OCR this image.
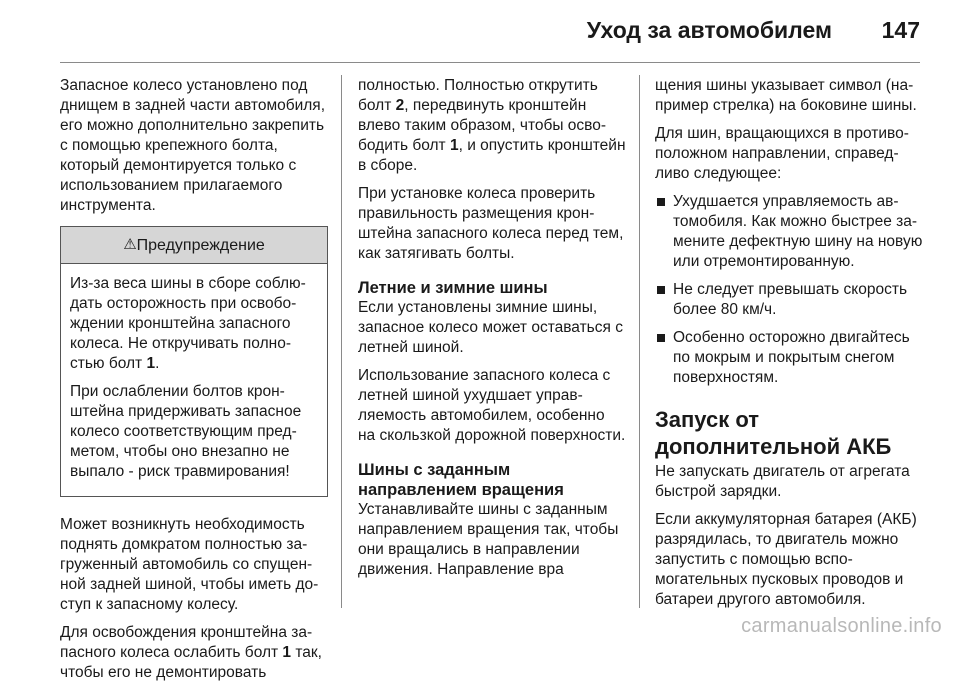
Уход за автомобилем 147

Запасное колесо установлено под днищем в задней части автомобиля, его можно дополнительно закрепить с помощью крепежного болта, который демонтируется только с использованием прилагаемого инструмента.

⚠Предупреждение

Из-за веса шины в сборе соблюдать осторожность при освобождении кронштейна запасного колеса. Не откручивать полностью болт 1.

При ослаблении болтов кронштейна придерживать запасное колесо соответствующим предметом, чтобы оно внезапно не выпало - риск травмирования!

Может возникнуть необходимость поднять домкратом полностью загруженный автомобиль со спущенной задней шиной, чтобы иметь доступ к запасному колесу.

Для освобождения кронштейна запасного колеса ослабить болт 1 так, чтобы его не демонтировать

полностью. Полностью открутить болт 2, передвинуть кронштейн влево таким образом, чтобы освободить болт 1, и опустить кронштейн в сборе.

При установке колеса проверить правильность размещения кронштейна запасного колеса перед тем, как затягивать болты.

Летние и зимние шины

Если установлены зимние шины, запасное колесо может оставаться с летней шиной.

Использование запасного колеса с летней шиной ухудшает управляемость автомобилем, особенно на скользкой дорожной поверхности.

Шины с заданным направлением вращения

Устанавливайте шины с заданным направлением вращения так, чтобы они вращались в направлении движения. Направление вра

щения шины указывает символ (например стрелка) на боковине шины.

Для шин, вращающихся в противоположном направлении, справедливо следующее:

Ухудшается управляемость автомобиля. Как можно быстрее замените дефектную шину на новую или отремонтированную.
Не следует превышать скорость более 80 км/ч.
Особенно осторожно двигайтесь по мокрым и покрытым снегом поверхностям.
Запуск от дополнительной АКБ

Не запускать двигатель от агрегата быстрой зарядки.

Если аккумуляторная батарея (АКБ) разрядилась, то двигатель можно запустить с помощью вспомогательных пусковых проводов и батареи другого автомобиля.

carmanualsonline.info
